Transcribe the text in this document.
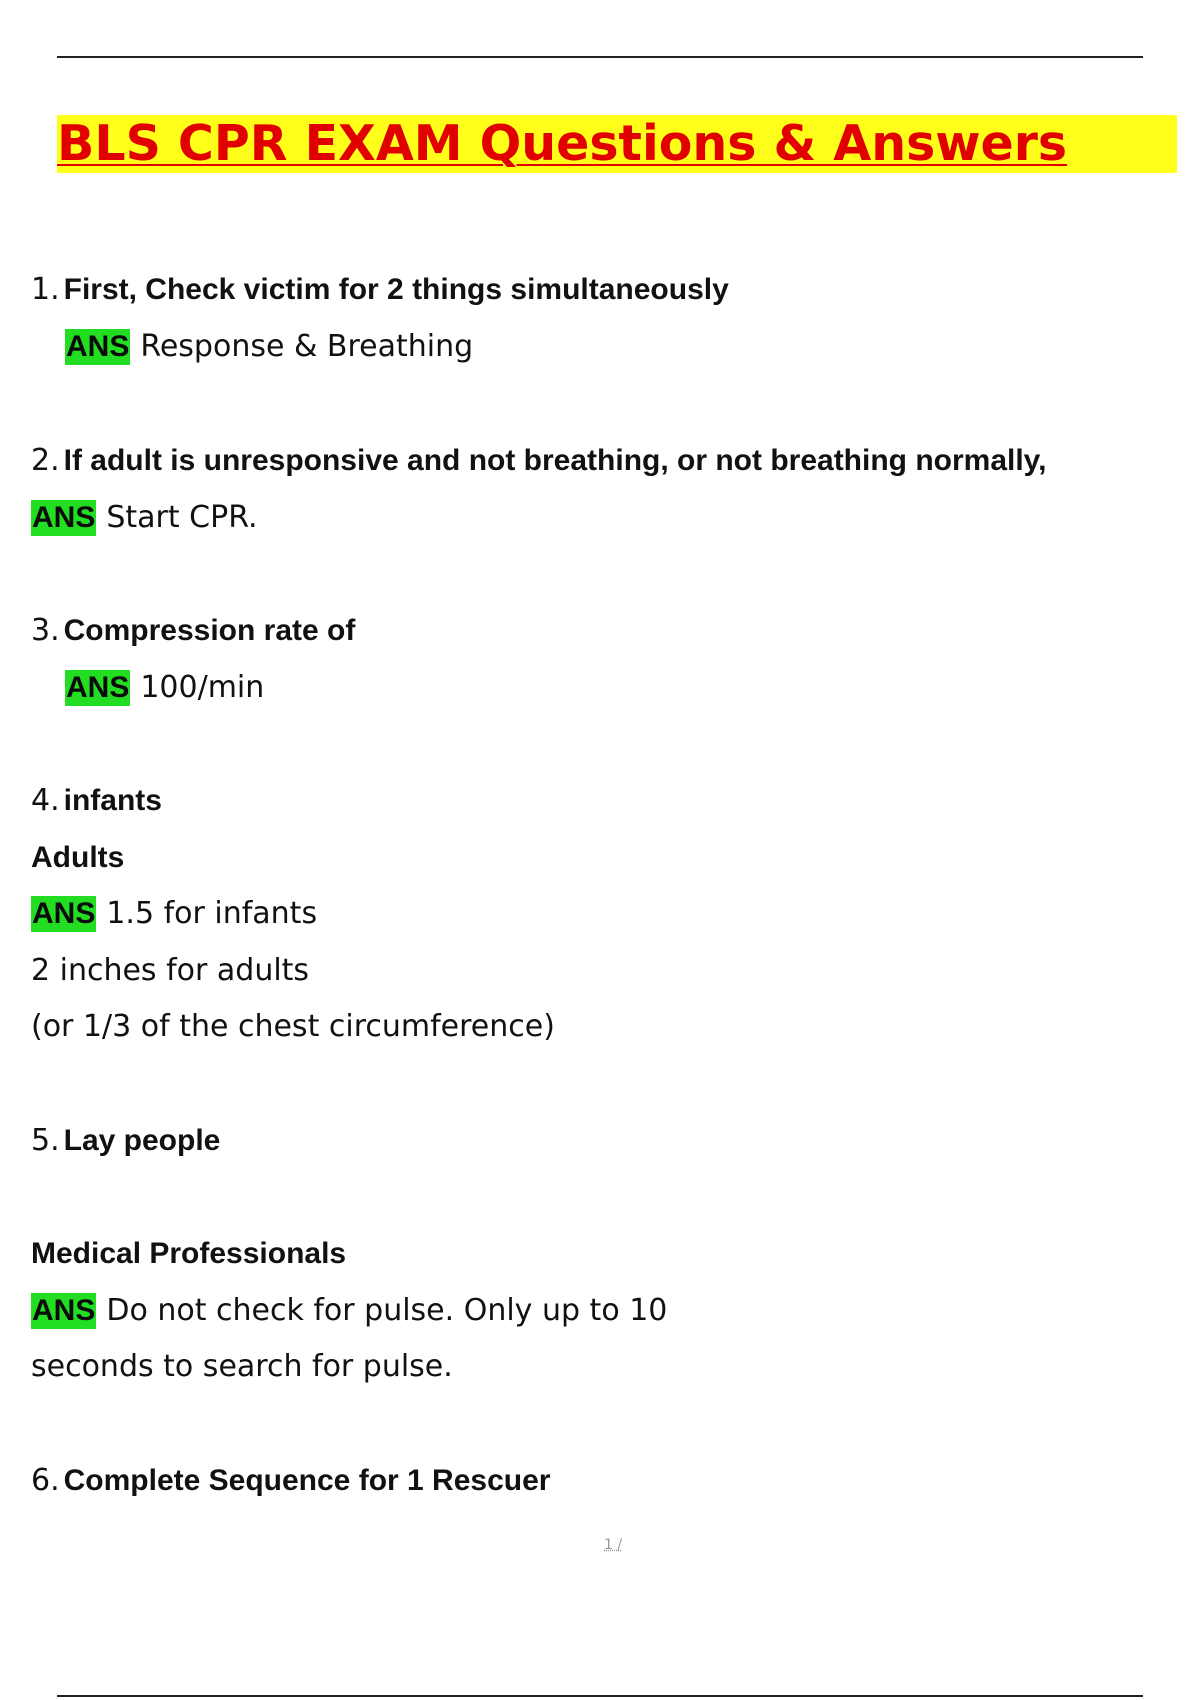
BLS CPR EXAM Questions & Answers
1. First, Check victim for 2 things simultaneously
ANS Response & Breathing
2. If adult is unresponsive and not breathing, or not breathing normally,
ANS Start CPR.
3. Compression rate of
ANS 100/min
4. infants
Adults
ANS 1.5 for infants
2 inches for adults
(or 1/3 of the chest circumference)
5. Lay people
Medical Professionals
ANS Do not check for pulse. Only up to 10
seconds to search for pulse.
6. Complete Sequence for 1 Rescuer
1 /
